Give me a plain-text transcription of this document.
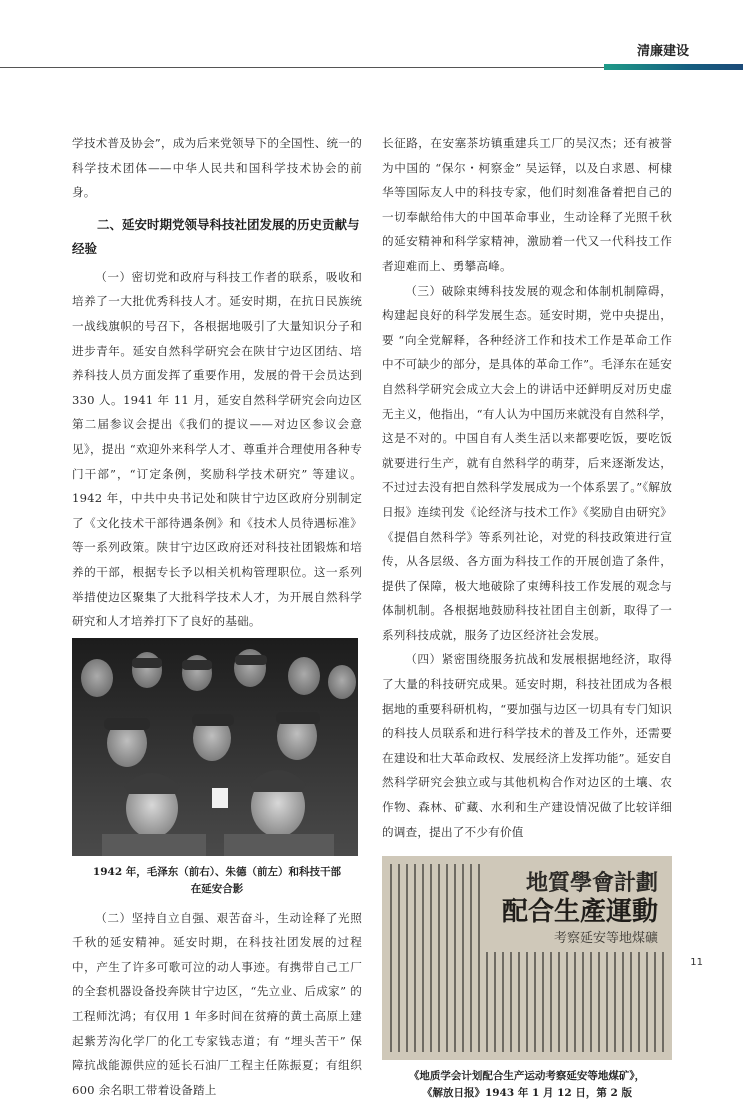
清廉建设

学技术普及协会”，成为后来党领导下的全国性、统一的科学技术团体——中华人民共和国科学技术协会的前身。

二、延安时期党领导科技社团发展的历史贡献与经验

（一）密切党和政府与科技工作者的联系，吸收和培养了一大批优秀科技人才。延安时期，在抗日民族统一战线旗帜的号召下，各根据地吸引了大量知识分子和进步青年。延安自然科学研究会在陕甘宁边区团结、培养科技人员方面发挥了重要作用，发展的骨干会员达到 330 人。1941 年 11 月，延安自然科学研究会向边区第二届参议会提出《我们的提议——对边区参议会意见》，提出 “欢迎外来科学人才、尊重并合理使用各种专门干部”，“订定条例，奖励科学技术研究” 等建议。1942 年，中共中央书记处和陕甘宁边区政府分别制定了《文化技术干部待遇条例》和《技术人员待遇标准》等一系列政策。陕甘宁边区政府还对科技社团锻炼和培养的干部，根据专长予以相关机构管理职位。这一系列举措使边区聚集了大批科学技术人才，为开展自然科学研究和人才培养打下了良好的基础。

1942 年，毛泽东（前右）、朱德（前左）和科技干部
在延安合影

（二）坚持自立自强、艰苦奋斗，生动诠释了光照千秋的延安精神。延安时期，在科技社团发展的过程中，产生了许多可歌可泣的动人事迹。有携带自己工厂的全套机器设备投奔陕甘宁边区，“先立业、后成家” 的工程师沈鸿；有仅用 1 年多时间在贫瘠的黄土高原上建起紫芳沟化学厂的化工专家钱志道；有 “埋头苦干” 保障抗战能源供应的延长石油厂工程主任陈振夏；有组织 600 余名职工带着设备踏上

长征路，在安塞茶坊镇重建兵工厂的吴汉杰；还有被誉为中国的 “保尔・柯察金” 吴运铎，以及白求恩、柯棣华等国际友人中的科技专家，他们时刻准备着把自己的一切奉献给伟大的中国革命事业，生动诠释了光照千秋的延安精神和科学家精神，激励着一代又一代科技工作者迎难而上、勇攀高峰。

（三）破除束缚科技发展的观念和体制机制障碍，构建起良好的科学发展生态。延安时期，党中央提出，要 “向全党解释，各种经济工作和技术工作是革命工作中不可缺少的部分，是具体的革命工作”。毛泽东在延安自然科学研究会成立大会上的讲话中还鲜明反对历史虚无主义，他指出，“有人认为中国历来就没有自然科学，这是不对的。中国自有人类生活以来都要吃饭，要吃饭就要进行生产，就有自然科学的萌芽，后来逐渐发达，不过过去没有把自然科学发展成为一个体系罢了。”《解放日报》连续刊发《论经济与技术工作》《奖励自由研究》《提倡自然科学》等系列社论，对党的科技政策进行宣传，从各层级、各方面为科技工作的开展创造了条件，提供了保障，极大地破除了束缚科技工作发展的观念与体制机制。各根据地鼓励科技社团自主创新，取得了一系列科技成就，服务了边区经济社会发展。

（四）紧密围绕服务抗战和发展根据地经济，取得了大量的科技研究成果。延安时期，科技社团成为各根据地的重要科研机构，“要加强与边区一切具有专门知识的科技人员联系和进行科学技术的普及工作外，还需要在建设和壮大革命政权、发展经济上发挥功能”。延安自然科学研究会独立或与其他机构合作对边区的土壤、农作物、森林、矿藏、水利和生产建设情况做了比较详细的调查，提出了不少有价值

地質學會計劃
配合生產運動
考察延安等地煤礦
《地质学会计划配合生产运动考察延安等地煤矿》，
《解放日报》1943 年 1 月 12 日，第 2 版
11
